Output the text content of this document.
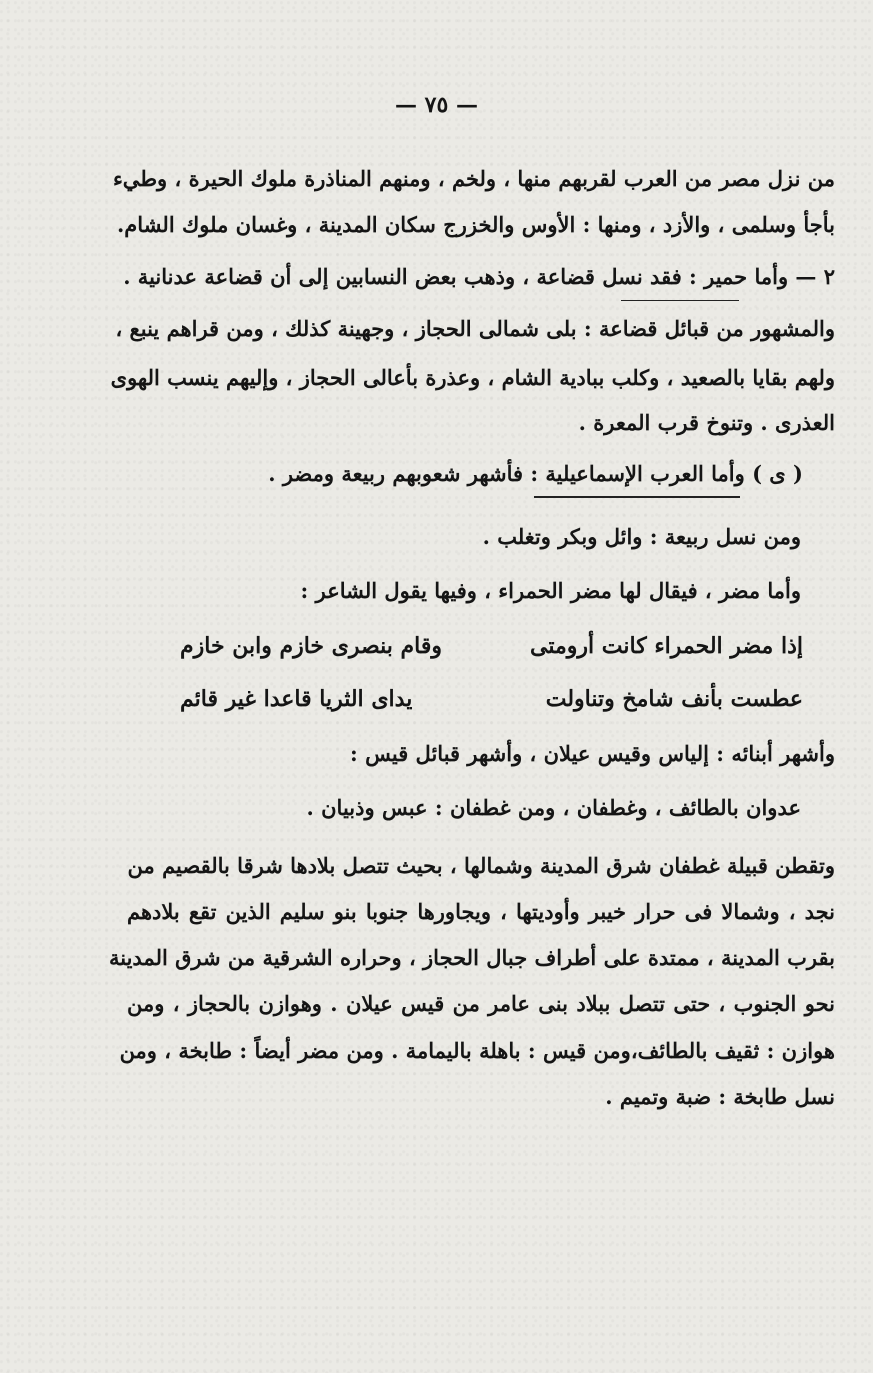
— ٧٥ —
من نزل مصر من العرب لقربهم منها ، ولخم ، ومنهم المناذرة ملوك الحيرة ، وطيء
بأجأ وسلمى ، والأزد ، ومنها : الأوس والخزرج سكان المدينة ، وغسان ملوك الشام.
٢ — وأما حمير : فقد نسل قضاعة ، وذهب بعض النسابين إلى أن قضاعة عدنانية .
والمشهور من قبائل قضاعة : بلى شمالى الحجاز ، وجهينة كذلك ، ومن قراهم ينبع ،
ولهم بقايا بالصعيد ، وكلب ببادية الشام ، وعذرة بأعالى الحجاز ، وإليهم ينسب الهوى
العذرى . وتنوخ قرب المعرة .
( ى ) وأما العرب الإسماعيلية : فأشهر شعوبهم ربيعة ومضر .
ومن نسل ربيعة : وائل وبكر وتغلب .
وأما مضر ، فيقال لها مضر الحمراء ، وفيها يقول الشاعر :
إذا مضر الحمراء كانت أرومتى
وقام بنصرى خازم وابن خازم
عطست بأنف شامخ وتناولت
يداى الثريا قاعدا غير قائم
وأشهر أبنائه : إلياس وقيس عيلان ، وأشهر قبائل قيس :
عدوان بالطائف ، وغطفان ، ومن غطفان : عبس وذبيان .
وتقطن قبيلة غطفان شرق المدينة وشمالها ، بحيث تتصل بلادها شرقا بالقصيم من
نجد ، وشمالا فى حرار خيبر وأوديتها ، ويجاورها جنوبا بنو سليم الذين تقع بلادهم
بقرب المدينة ، ممتدة على أطراف جبال الحجاز ، وحراره الشرقية من شرق المدينة
نحو الجنوب ، حتى تتصل ببلاد بنى عامر من قيس عيلان . وهوازن بالحجاز ، ومن
هوازن : ثقيف بالطائف،ومن قيس : باهلة باليمامة . ومن مضر أيضاً : طابخة ، ومن
نسل طابخة : ضبة وتميم .
